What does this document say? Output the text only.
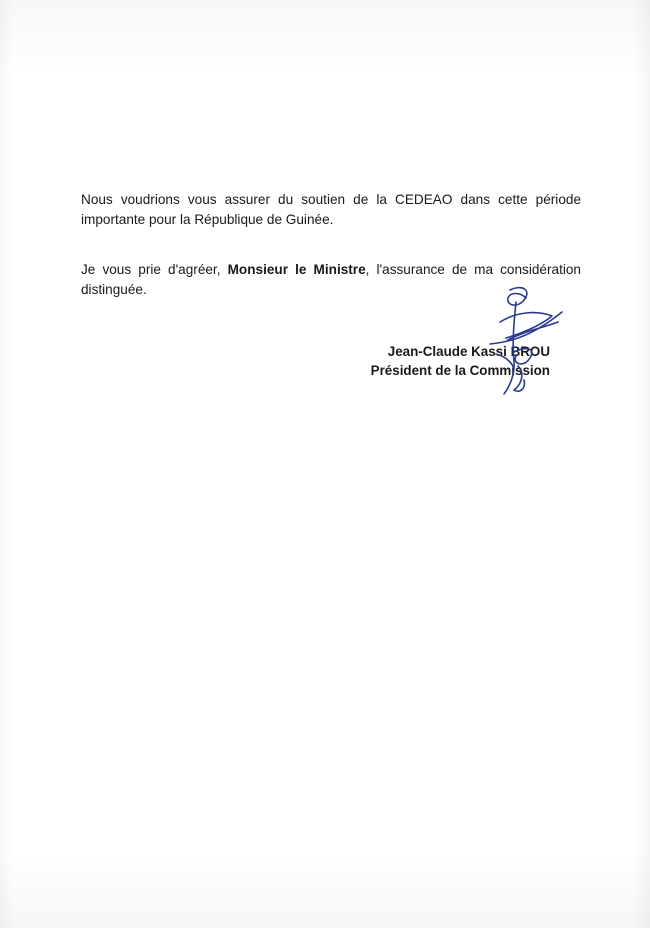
Nous voudrions vous assurer du soutien de la CEDEAO dans cette période importante pour la République de Guinée.

Je vous prie d'agréer, Monsieur le Ministre, l'assurance de ma considération distinguée.

Jean-Claude Kassi BROU
Président de la Commission
